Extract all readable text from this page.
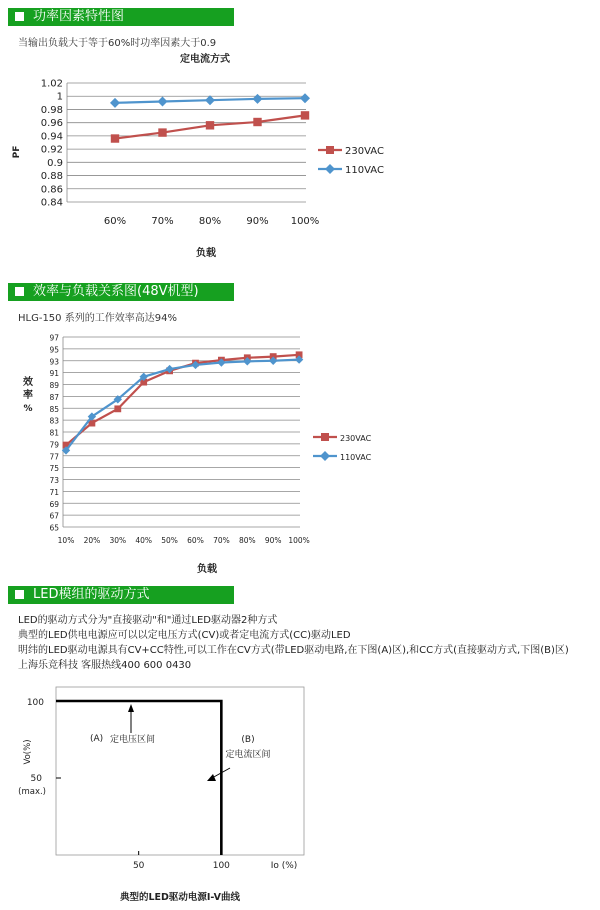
功率因素特性图
当输出负载大于等于60%时功率因素大于0.9
定电流方式
0.84
0.86
0.88
0.9
0.92
0.94
0.96
0.98
1
1.02
60%	70%	80%	90% 100%
230VAC
110VAC
负载
PF
效率与负载关系图(48V机型)
HLG-150 系列的工作效率高达94%
65
67
69
71
73
75
77
79
81
83
85
87
89
91
93
95
97
10% 20% 30% 40% 50% 60% 70% 80% 90% 100%
230VAC
110VAC
负载
效
率
%
LED模组的驱动方式
LED的驱动方式分为"直接驱动"和"通过LED驱动器2种方式
典型的LED供电电源应可以以定电压方式(CV)或者定电流方式(CC)驱动LED
明纬的LED驱动电源具有CV+CC特性,可以工作在CV方式(带LED驱动电路,在下图(A)区),和CC方式(直接驱动方式,下图(B)区)
上海乐竞科技 客服热线400 600 0430
100
50
(max.)
Vo(%)
50	100	Io (%)
(A) 定电压区间	(B)
定电流区间
典型的LED驱动电源I-V曲线
